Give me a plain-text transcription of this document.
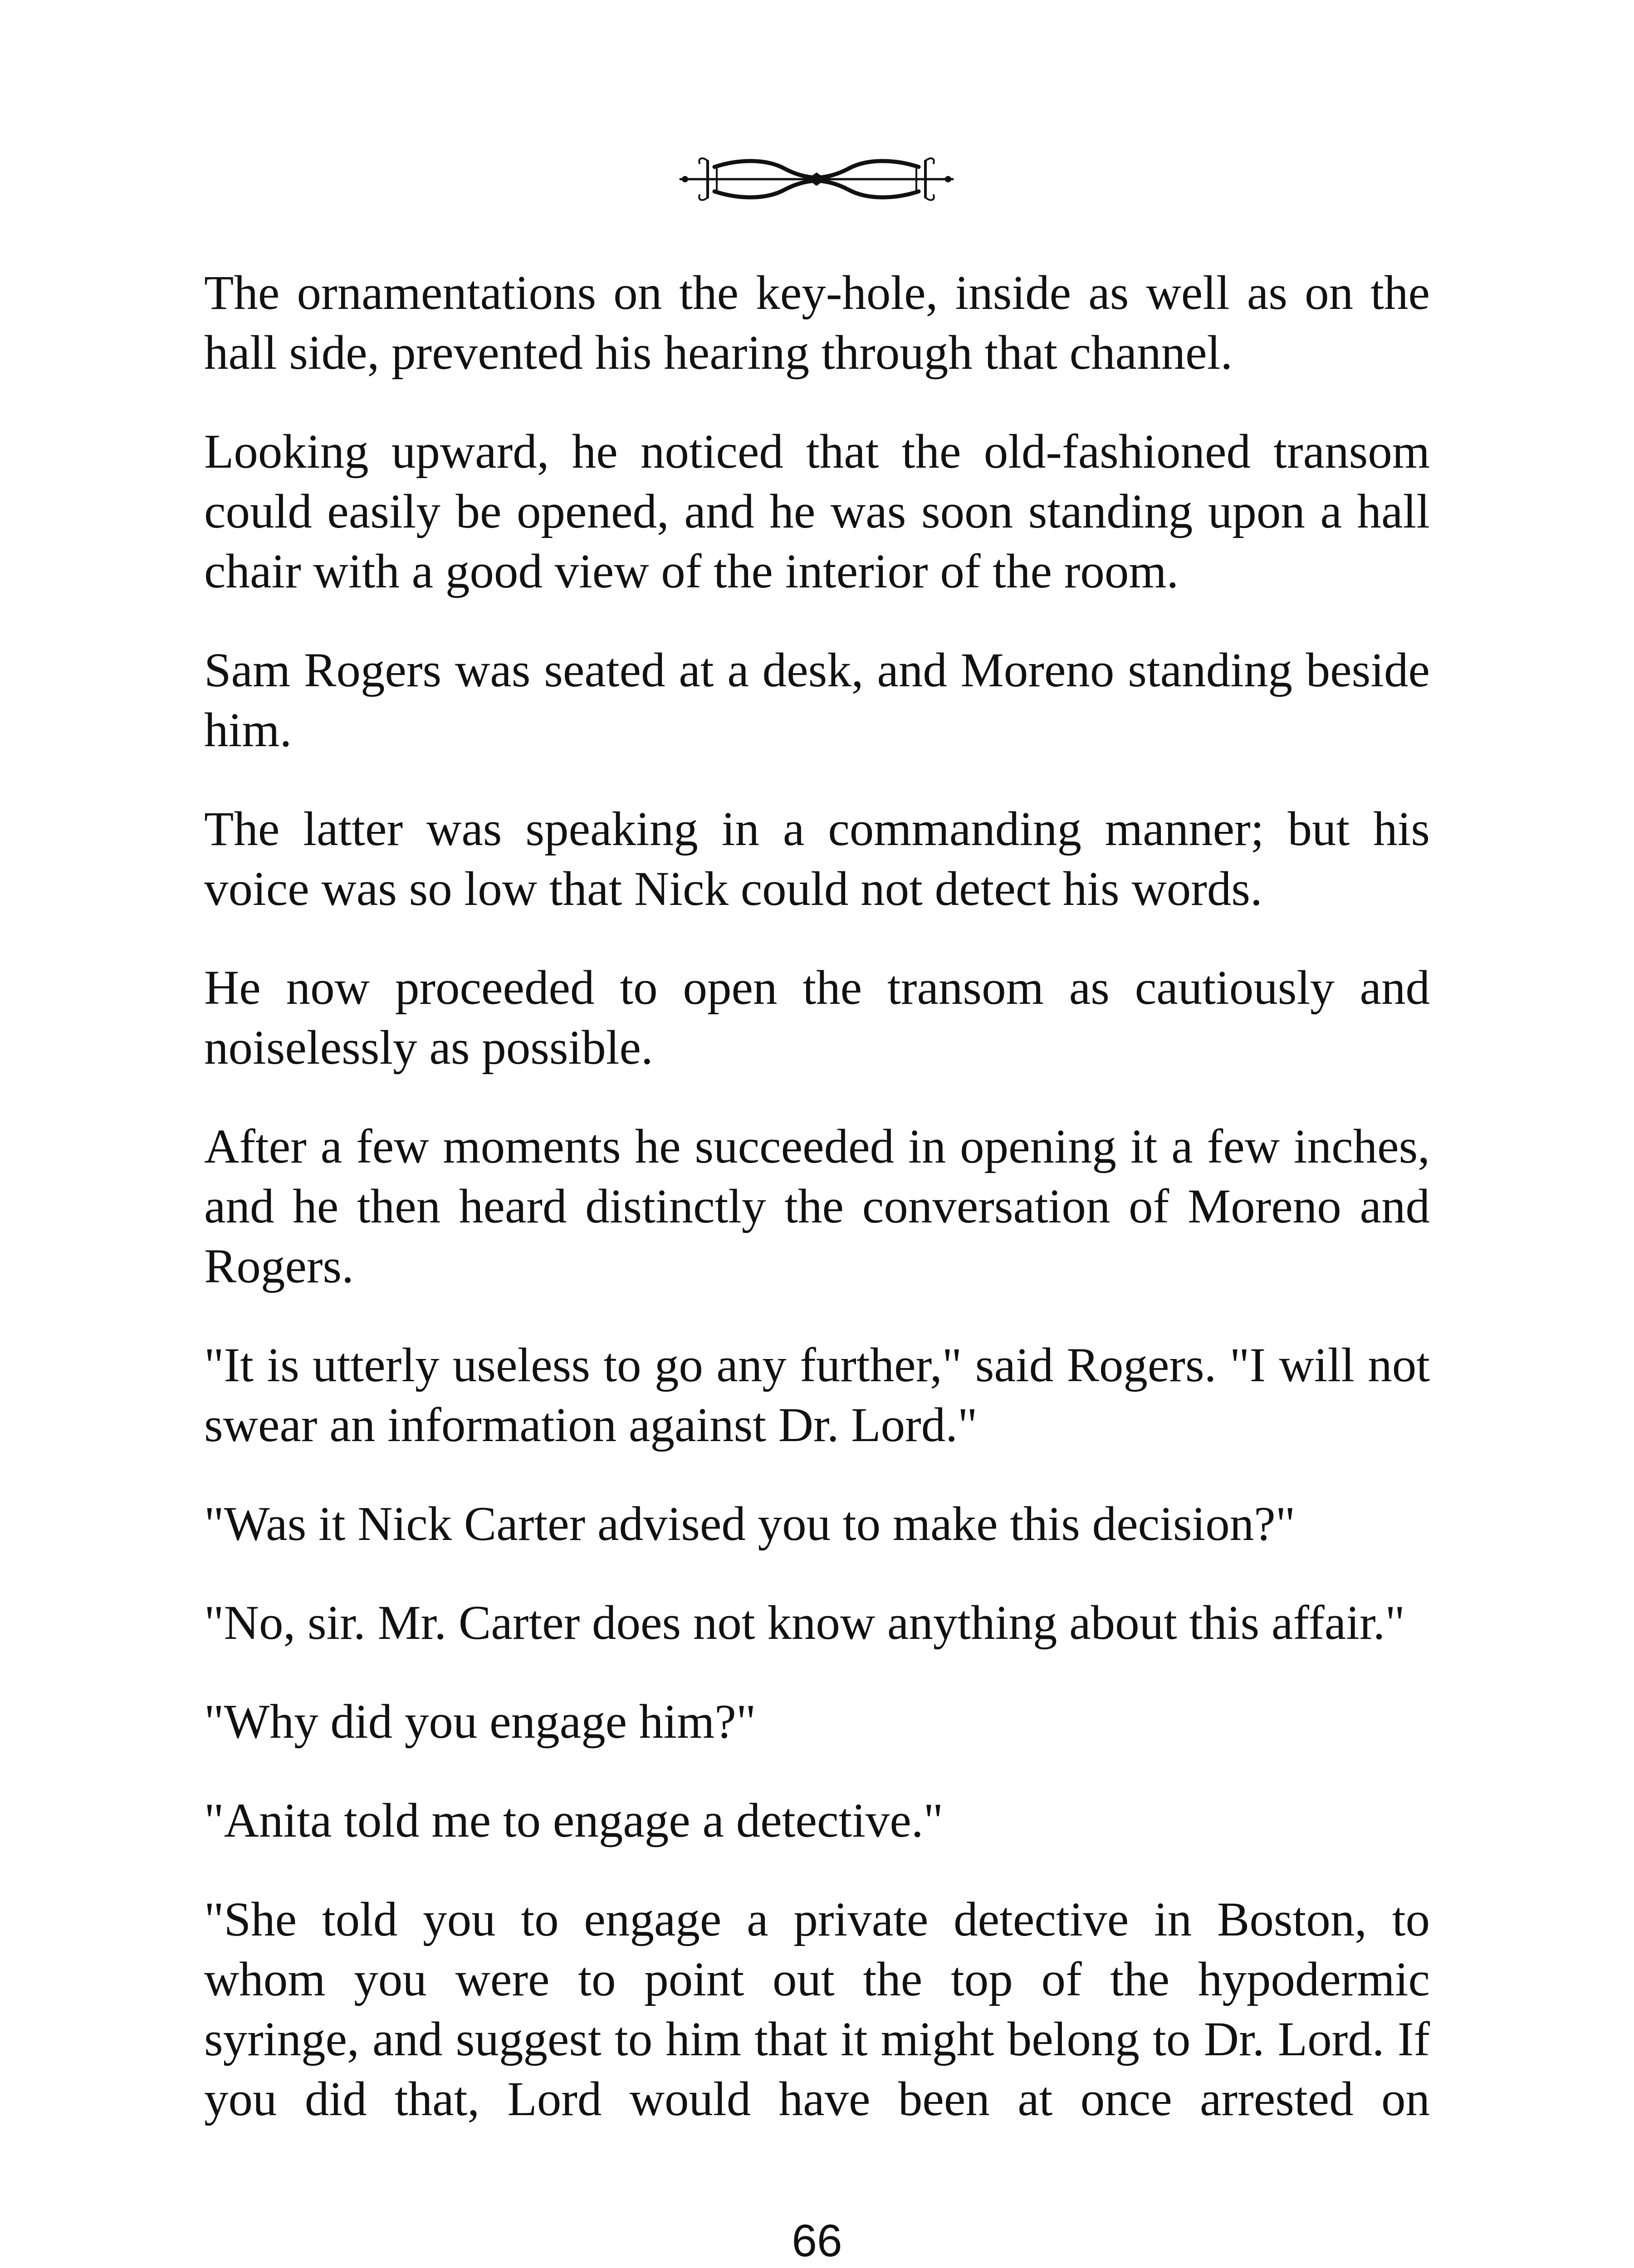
The ornamentations on the key-hole, inside as well as on the hall side, prevented his hearing through that channel.

Looking upward, he noticed that the old-fashioned transom could easily be opened, and he was soon standing upon a hall chair with a good view of the interior of the room.

Sam Rogers was seated at a desk, and Moreno standing beside him.

The latter was speaking in a commanding manner; but his voice was so low that Nick could not detect his words.

He now proceeded to open the transom as cautiously and noiselessly as possible.

After a few moments he succeeded in opening it a few inches, and he then heard distinctly the conversation of Moreno and Rogers.

"It is utterly useless to go any further," said Rogers. "I will not swear an information against Dr. Lord."

"Was it Nick Carter advised you to make this decision?"

"No, sir. Mr. Carter does not know anything about this affair."

"Why did you engage him?"

"Anita told me to engage a detective."

"She told you to engage a private detective in Boston, to whom you were to point out the top of the hypodermic syringe, and suggest to him that it might belong to Dr. Lord. If you did that, Lord would have been at once arrested on

66
